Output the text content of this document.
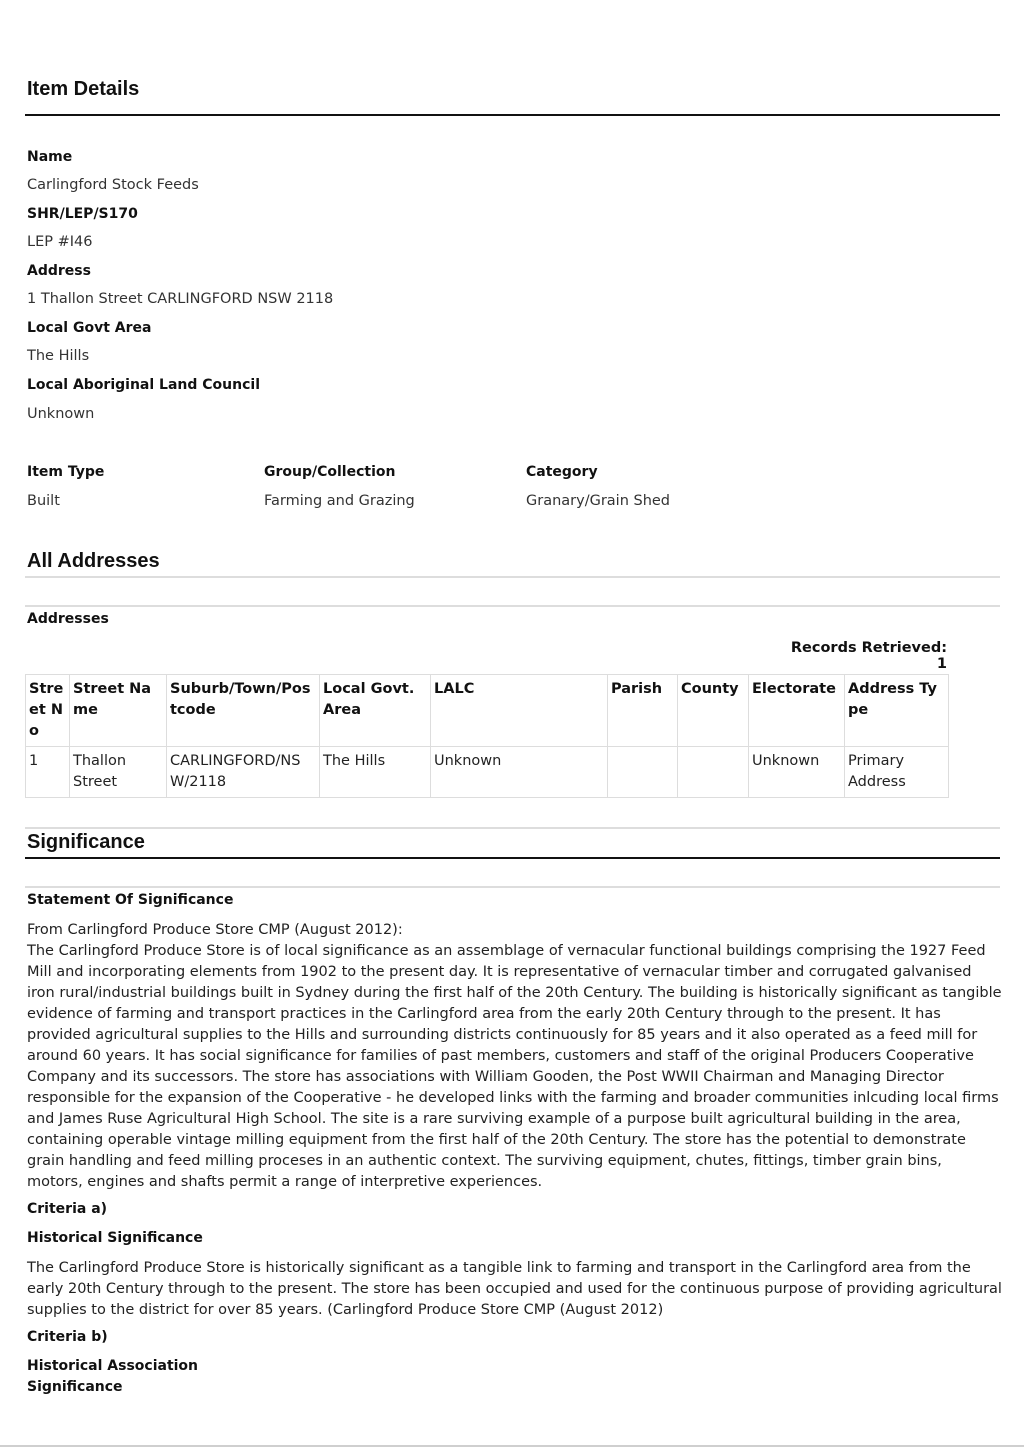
Item Details
Name
Carlingford Stock Feeds
SHR/LEP/S170
LEP #I46
Address
1 Thallon Street CARLINGFORD NSW 2118
Local Govt Area
The Hills
Local Aboriginal Land Council
Unknown
Item Type
Built
Group/Collection
Farming and Grazing
Category
Granary/Grain Shed
All Addresses
Addresses
Records Retrieved: 1
Street No	Street Name	Suburb/Town/Postcode	Local Govt. Area	LALC	Parish	County	Electorate	Address Type
1	Thallon Street	CARLINGFORD/NSW/2118	The Hills	Unknown			Unknown	Primary Address
Significance
Statement Of Significance
From Carlingford Produce Store CMP (August 2012):
The Carlingford Produce Store is of local significance as an assemblage of vernacular functional buildings comprising the 1927 Feed Mill and incorporating elements from 1902 to the present day. It is representative of vernacular timber and corrugated galvanised iron rural/industrial buildings built in Sydney during the first half of the 20th Century. The building is historically significant as tangible evidence of farming and transport practices in the Carlingford area from the early 20th Century through to the present. It has provided agricultural supplies to the Hills and surrounding districts continuously for 85 years and it also operated as a feed mill for around 60 years. It has social significance for families of past members, customers and staff of the original Producers Cooperative Company and its successors. The store has associations with William Gooden, the Post WWII Chairman and Managing Director responsible for the expansion of the Cooperative - he developed links with the farming and broader communities inlcuding local firms and James Ruse Agricultural High School. The site is a rare surviving example of a purpose built agricultural building in the area, containing operable vintage milling equipment from the first half of the 20th Century. The store has the potential to demonstrate grain handling and feed milling proceses in an authentic context. The surviving equipment, chutes, fittings, timber grain bins, motors, engines and shafts permit a range of interpretive experiences.
Criteria a)
Historical Significance
The Carlingford Produce Store is historically significant as a tangible link to farming and transport in the Carlingford area from the early 20th Century through to the present. The store has been occupied and used for the continuous purpose of providing agricultural supplies to the district for over 85 years. (Carlingford Produce Store CMP (August 2012)
Criteria b)
Historical Association
Significance
